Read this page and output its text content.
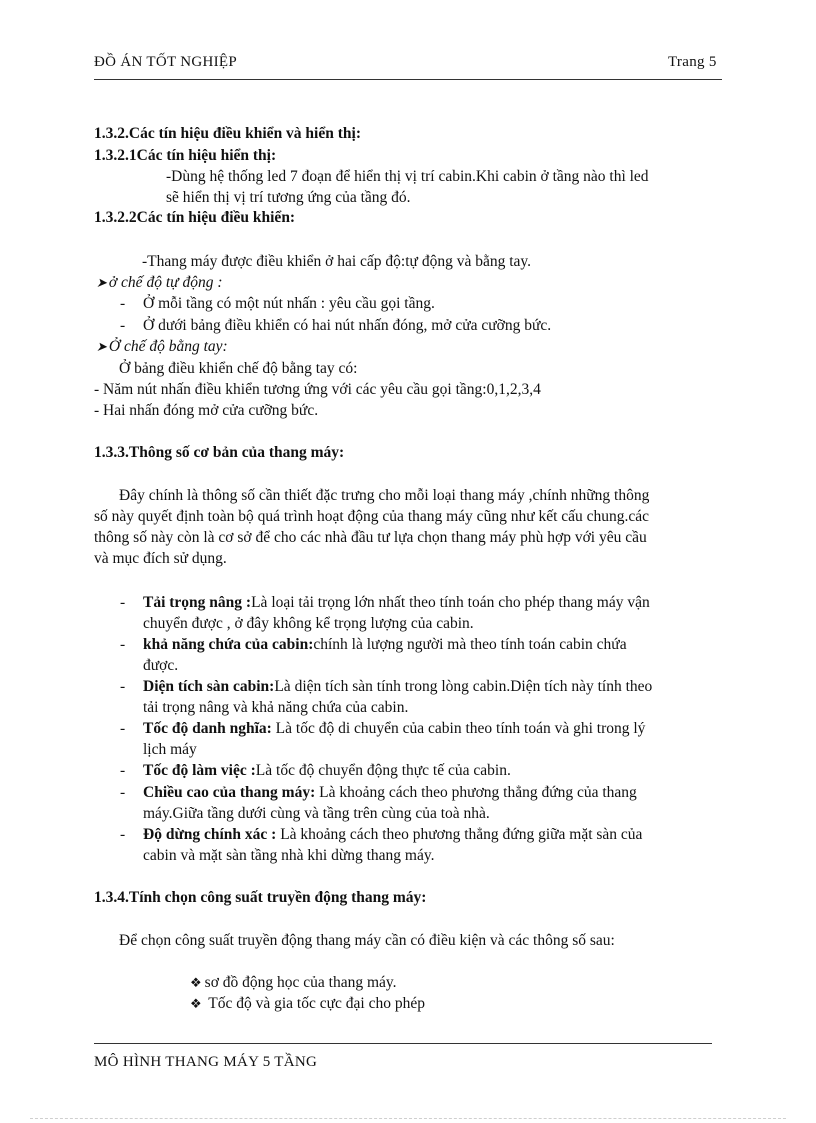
ĐỒ ÁN TỐT NGHIỆP	Trang 5
1.3.2.Các tín hiệu điều khiển và hiển thị:
1.3.2.1Các tín hiệu hiển thị:
-Dùng hệ thống led 7 đoạn để hiển thị vị trí cabin.Khi cabin ở tầng nào thì led
sẽ hiển thị vị trí tương ứng của tầng đó.
1.3.2.2Các tín hiệu điều khiển:
-Thang máy được điều khiển ở hai cấp độ:tự động và bằng tay.
➤ ở chế độ tự động :
- Ở mỗi tầng có một nút nhấn : yêu cầu gọi tầng.
- Ở dưới bảng điều khiển có hai nút nhấn đóng, mở cửa cưỡng bức.
➤ Ở chế độ bằng tay:
Ở bảng điều khiển chế độ bằng tay có:
- Năm nút nhấn điều khiển tương ứng với các yêu cầu gọi tầng:0,1,2,3,4
- Hai nhấn đóng mở cửa cưỡng bức.
1.3.3.Thông số cơ bản của thang máy:
Đây chính là thông số cần thiết đặc trưng cho mỗi loại thang máy ,chính những thông
số này quyết định toàn bộ quá trình hoạt động của thang máy cũng như kết cấu chung.các
thông số này còn là cơ sở để cho các nhà đầu tư lựa chọn thang máy phù hợp với yêu cầu
và mục đích sử dụng.
- Tải trọng nâng :Là loại tải trọng lớn nhất theo tính toán cho phép thang máy vận
chuyển được , ở đây không kể trọng lượng của cabin.
- khả năng chứa của cabin:chính là lượng người mà theo tính toán cabin chứa
được.
- Diện tích sàn cabin:Là diện tích sàn tính trong lòng cabin.Diện tích này tính theo
tải trọng nâng và khả năng chứa của cabin.
- Tốc độ danh nghĩa: Là tốc độ di chuyển của cabin theo tính toán và ghi trong lý
lịch máy
- Tốc độ làm việc :Là tốc độ chuyển động thực tế của cabin.
- Chiều cao của thang máy: Là khoảng cách theo phương thẳng đứng của thang
máy.Giữa tầng dưới cùng và tầng trên cùng của toà nhà.
- Độ dừng chính xác : Là khoảng cách theo phương thẳng đứng giữa mặt sàn của
cabin và mặt sàn tầng nhà khi dừng thang máy.
1.3.4.Tính chọn công suất truyền động thang máy:
Để chọn công suất truyền động thang máy cần có điều kiện và các thông số sau:
❖ sơ đồ động học của thang máy.
❖ Tốc độ và gia tốc cực đại cho phép
MÔ HÌNH THANG MÁY 5 TẦNG
